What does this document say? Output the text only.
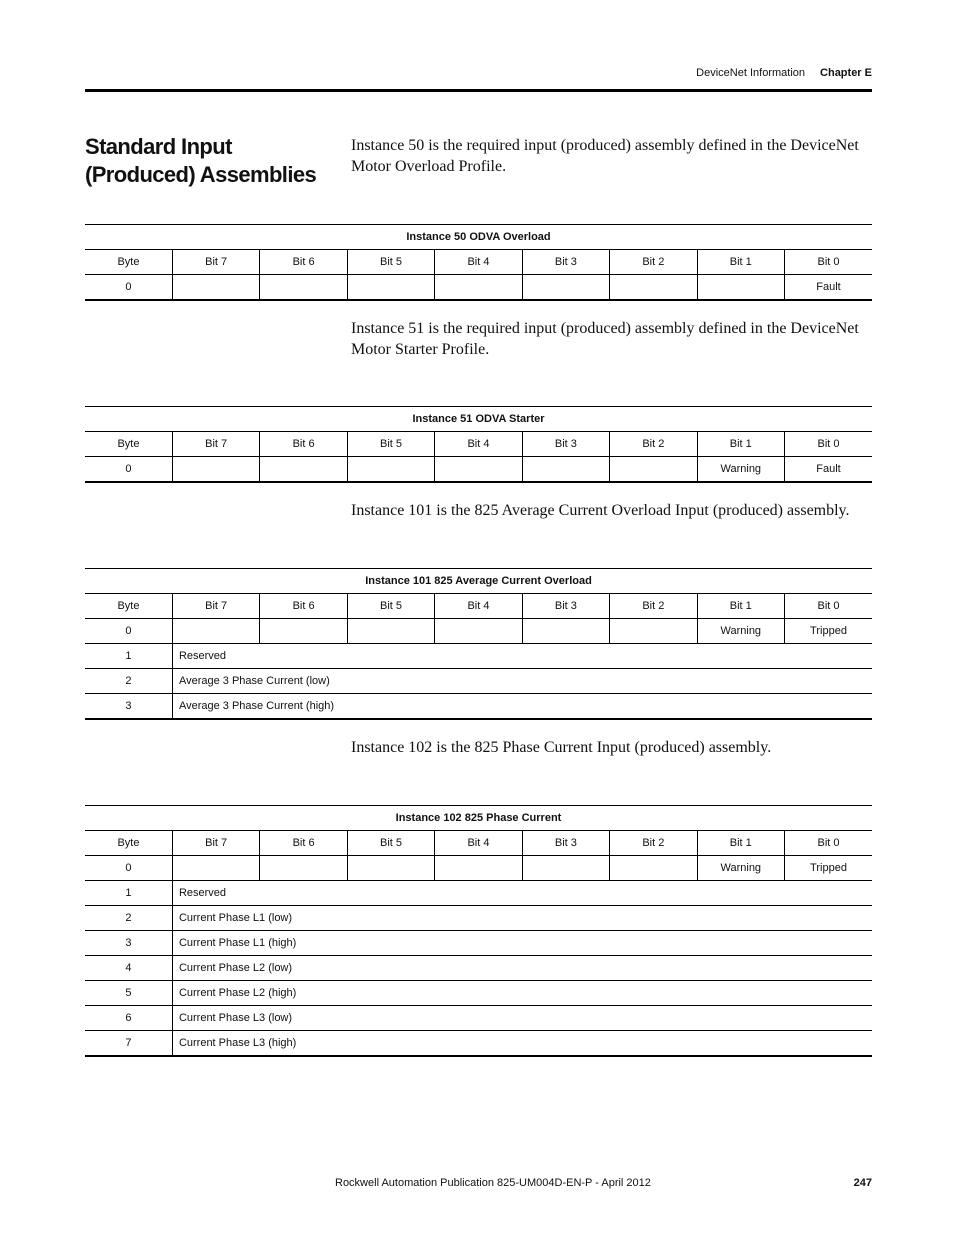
DeviceNet Information Chapter E
Standard Input (Produced) Assemblies
Instance 50 is the required input (produced) assembly defined in the DeviceNet Motor Overload Profile.
Instance 50 ODVA Overload								
Byte	Bit 7	Bit 6	Bit 5	Bit 4	Bit 3	Bit 2	Bit 1	Bit 0
0								Fault
Instance 51 is the required input (produced) assembly defined in the DeviceNet Motor Starter Profile.
Instance 51 ODVA Starter								
Byte	Bit 7	Bit 6	Bit 5	Bit 4	Bit 3	Bit 2	Bit 1	Bit 0
0							Warning	Fault
Instance 101 is the 825 Average Current Overload Input (produced) assembly.
Instance 101 825 Average Current Overload								
Byte	Bit 7	Bit 6	Bit 5	Bit 4	Bit 3	Bit 2	Bit 1	Bit 0
0							Warning	Tripped
1	Reserved							
2	Average 3 Phase Current (low)							
3	Average 3 Phase Current (high)							
Instance 102 is the 825 Phase Current Input (produced) assembly.
Instance 102 825 Phase Current								
Byte	Bit 7	Bit 6	Bit 5	Bit 4	Bit 3	Bit 2	Bit 1	Bit 0
0							Warning	Tripped
1	Reserved							
2	Current Phase L1 (low)							
3	Current Phase L1 (high)							
4	Current Phase L2 (low)							
5	Current Phase L2 (high)							
6	Current Phase L3 (low)							
7	Current Phase L3 (high)							
Rockwell Automation Publication 825-UM004D-EN-P - April 2012	247
